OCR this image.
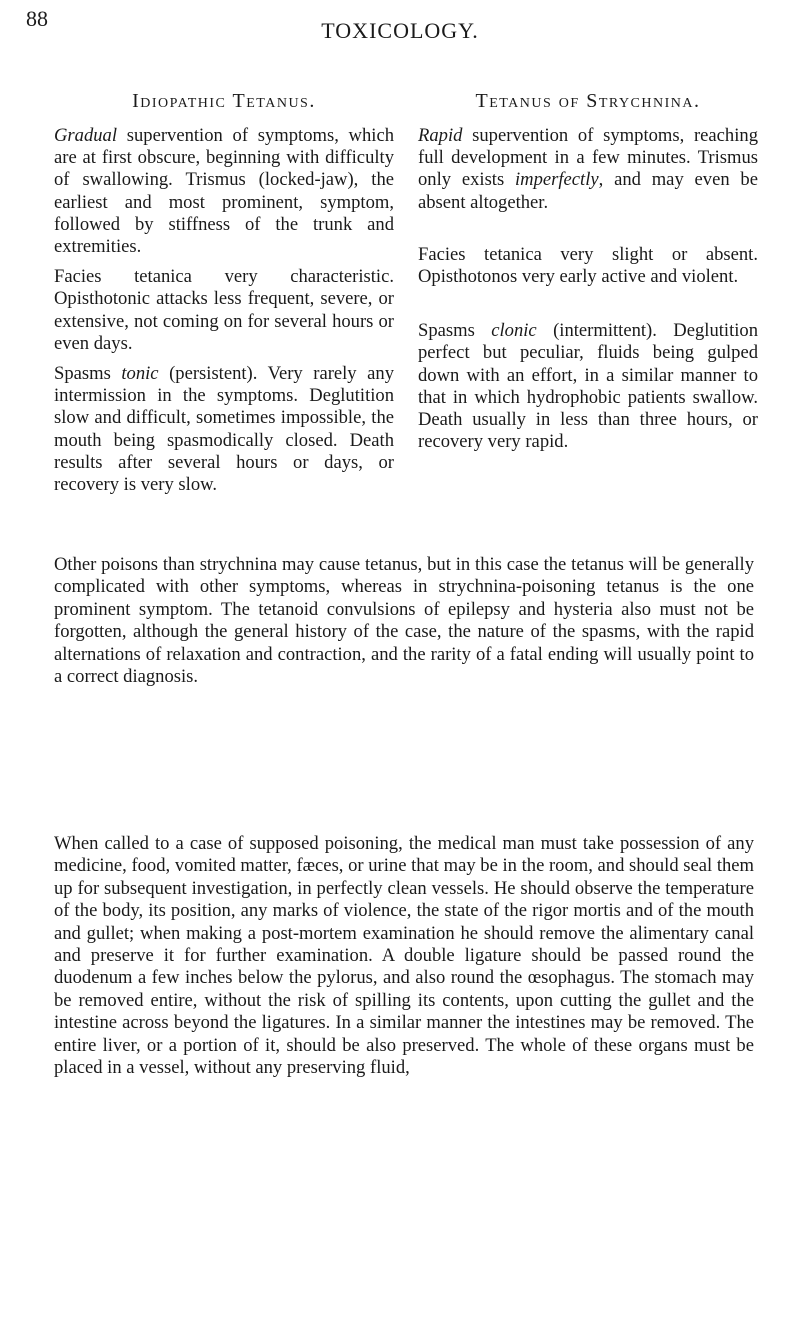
88	TOXICOLOGY.
Idiopathic Tetanus.

Gradual supervention of symptoms, which are at first obscure, beginning with difficulty of swallowing. Trismus (locked-jaw), the earliest and most prominent, symptom, followed by stiffness of the trunk and extremities.

Facies tetanica very characteristic. Opisthotonic attacks less frequent, severe, or extensive, not coming on for several hours or even days.

Spasms tonic (persistent). Very rarely any intermission in the symptoms. Deglutition slow and difficult, sometimes impossible, the mouth being spasmodically closed. Death results after several hours or days, or recovery is very slow.

Tetanus of Strychnina.

Rapid supervention of symptoms, reaching full development in a few minutes. Trismus only exists imperfectly, and may even be absent altogether.

Facies tetanica very slight or absent. Opisthotonos very early active and violent.

Spasms clonic (intermittent). Deglutition perfect but peculiar, fluids being gulped down with an effort, in a similar manner to that in which hydrophobic patients swallow. Death usually in less than three hours, or recovery very rapid.

Other poisons than strychnina may cause tetanus, but in this case the tetanus will be generally complicated with other symptoms, whereas in strychnina-poisoning tetanus is the one prominent symptom. The tetanoid convulsions of epilepsy and hysteria also must not be forgotten, although the general history of the case, the nature of the spasms, with the rapid alternations of relaxation and contraction, and the rarity of a fatal ending will usually point to a correct diagnosis.

When called to a case of supposed poisoning, the medical man must take possession of any medicine, food, vomited matter, fæces, or urine that may be in the room, and should seal them up for subsequent investigation, in perfectly clean vessels. He should observe the temperature of the body, its position, any marks of violence, the state of the rigor mortis and of the mouth and gullet; when making a post-mortem examination he should remove the alimentary canal and preserve it for further examination. A double ligature should be passed round the duodenum a few inches below the pylorus, and also round the œsophagus. The stomach may be removed entire, without the risk of spilling its contents, upon cutting the gullet and the intestine across beyond the ligatures. In a similar manner the intestines may be removed. The entire liver, or a portion of it, should be also preserved. The whole of these organs must be placed in a vessel, without any preserving fluid,
